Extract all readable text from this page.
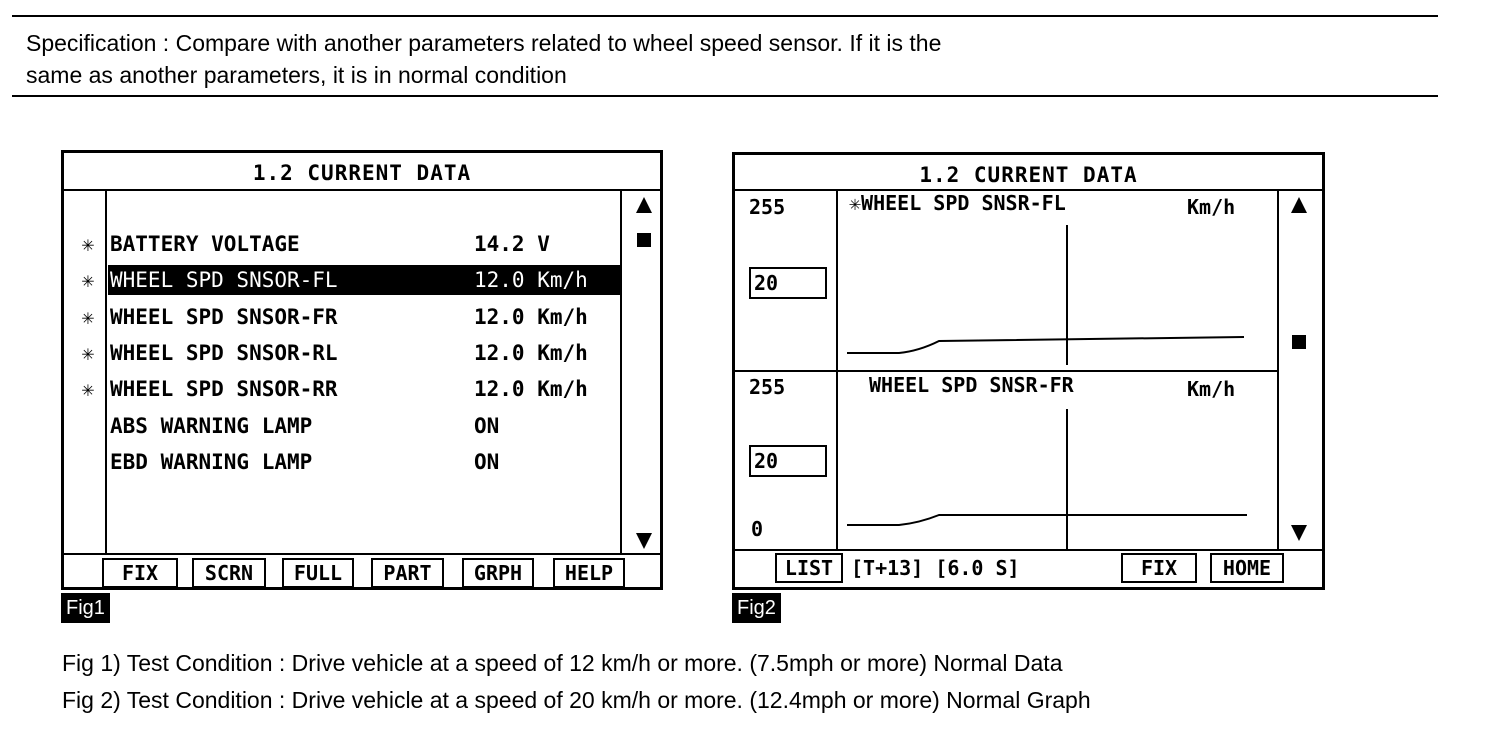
Specification : Compare with another parameters related to wheel speed sensor. If it is the
same as another parameters, it is in normal condition
1.2 CURRENT DATA
✳ BATTERY VOLTAGE	14.2 V
✳ WHEEL SPD SNSOR-FL	12.0 Km/h
✳ WHEEL SPD SNSOR-FR	12.0 Km/h
✳ WHEEL SPD SNSOR-RL	12.0 Km/h
✳ WHEEL SPD SNSOR-RR	12.0 Km/h
ABS WARNING LAMP	ON
EBD WARNING LAMP	ON
FIX	SCRN	FULL	PART	GRPH	HELP
Fig1
1.2 CURRENT DATA
255
20
✳WHEEL SPD SNSR-FL	Km/h
255
20
0
WHEEL SPD SNSR-FR	Km/h
LIST [T+13] [6.0 S]	FIX	HOME
Fig2
Fig 1) Test Condition : Drive vehicle at a speed of 12 km/h or more. (7.5mph or more) Normal Data
Fig 2) Test Condition : Drive vehicle at a speed of 20 km/h or more. (12.4mph or more) Normal Graph
